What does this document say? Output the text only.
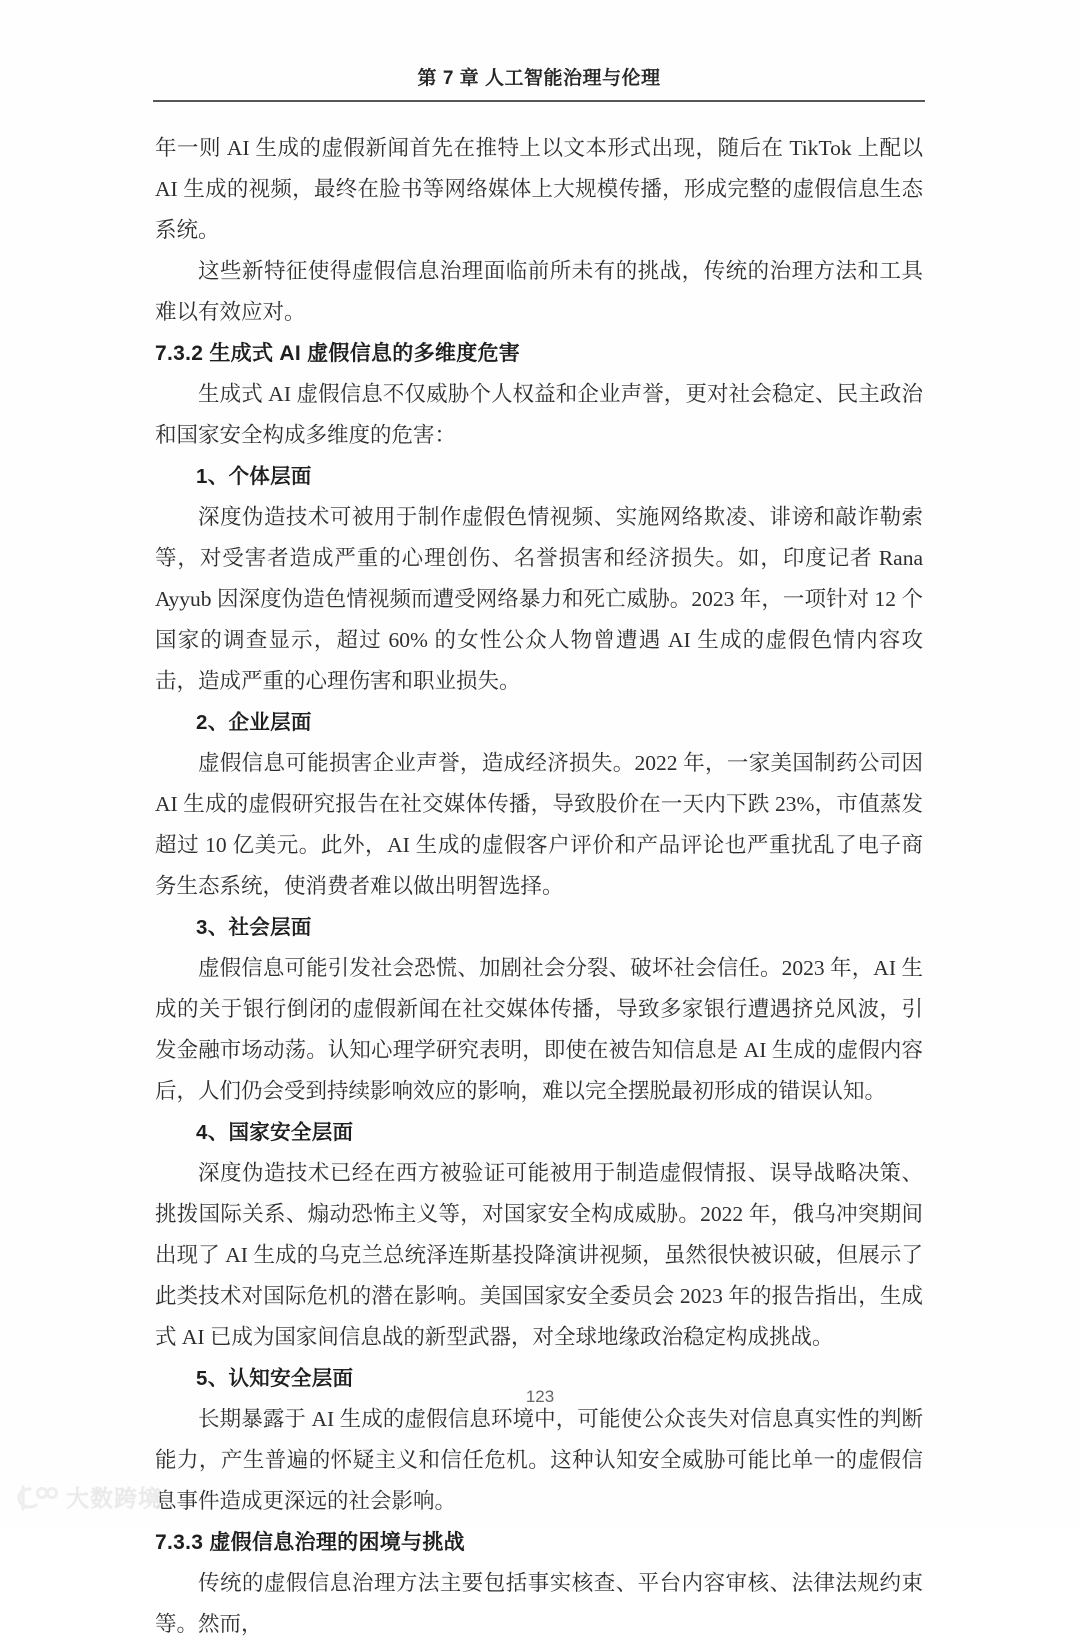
第 7 章 人工智能治理与伦理

年一则 AI 生成的虚假新闻首先在推特上以文本形式出现，随后在 TikTok 上配以 AI 生成的视频，最终在脸书等网络媒体上大规模传播，形成完整的虚假信息生态系统。

这些新特征使得虚假信息治理面临前所未有的挑战，传统的治理方法和工具难以有效应对。

7.3.2 生成式 AI 虚假信息的多维度危害

生成式 AI 虚假信息不仅威胁个人权益和企业声誉，更对社会稳定、民主政治和国家安全构成多维度的危害：

1、个体层面

深度伪造技术可被用于制作虚假色情视频、实施网络欺凌、诽谤和敲诈勒索等，对受害者造成严重的心理创伤、名誉损害和经济损失。如，印度记者 Rana Ayyub 因深度伪造色情视频而遭受网络暴力和死亡威胁。2023 年，一项针对 12 个国家的调查显示，超过 60% 的女性公众人物曾遭遇 AI 生成的虚假色情内容攻击，造成严重的心理伤害和职业损失。

2、企业层面

虚假信息可能损害企业声誉，造成经济损失。2022 年，一家美国制药公司因 AI 生成的虚假研究报告在社交媒体传播，导致股价在一天内下跌 23%，市值蒸发超过 10 亿美元。此外，AI 生成的虚假客户评价和产品评论也严重扰乱了电子商务生态系统，使消费者难以做出明智选择。

3、社会层面

虚假信息可能引发社会恐慌、加剧社会分裂、破坏社会信任。2023 年，AI 生成的关于银行倒闭的虚假新闻在社交媒体传播，导致多家银行遭遇挤兑风波，引发金融市场动荡。认知心理学研究表明，即使在被告知信息是 AI 生成的虚假内容后，人们仍会受到持续影响效应的影响，难以完全摆脱最初形成的错误认知。

4、国家安全层面

深度伪造技术已经在西方被验证可能被用于制造虚假情报、误导战略决策、挑拨国际关系、煽动恐怖主义等，对国家安全构成威胁。2022 年，俄乌冲突期间出现了 AI 生成的乌克兰总统泽连斯基投降演讲视频，虽然很快被识破，但展示了此类技术对国际危机的潜在影响。美国国家安全委员会 2023 年的报告指出，生成式 AI 已成为国家间信息战的新型武器，对全球地缘政治稳定构成挑战。

5、认知安全层面

长期暴露于 AI 生成的虚假信息环境中，可能使公众丧失对信息真实性的判断能力，产生普遍的怀疑主义和信任危机。这种认知安全威胁可能比单一的虚假信息事件造成更深远的社会影响。

7.3.3 虚假信息治理的困境与挑战

传统的虚假信息治理方法主要包括事实核查、平台内容审核、法律法规约束等。然而，

123
大数跨境
